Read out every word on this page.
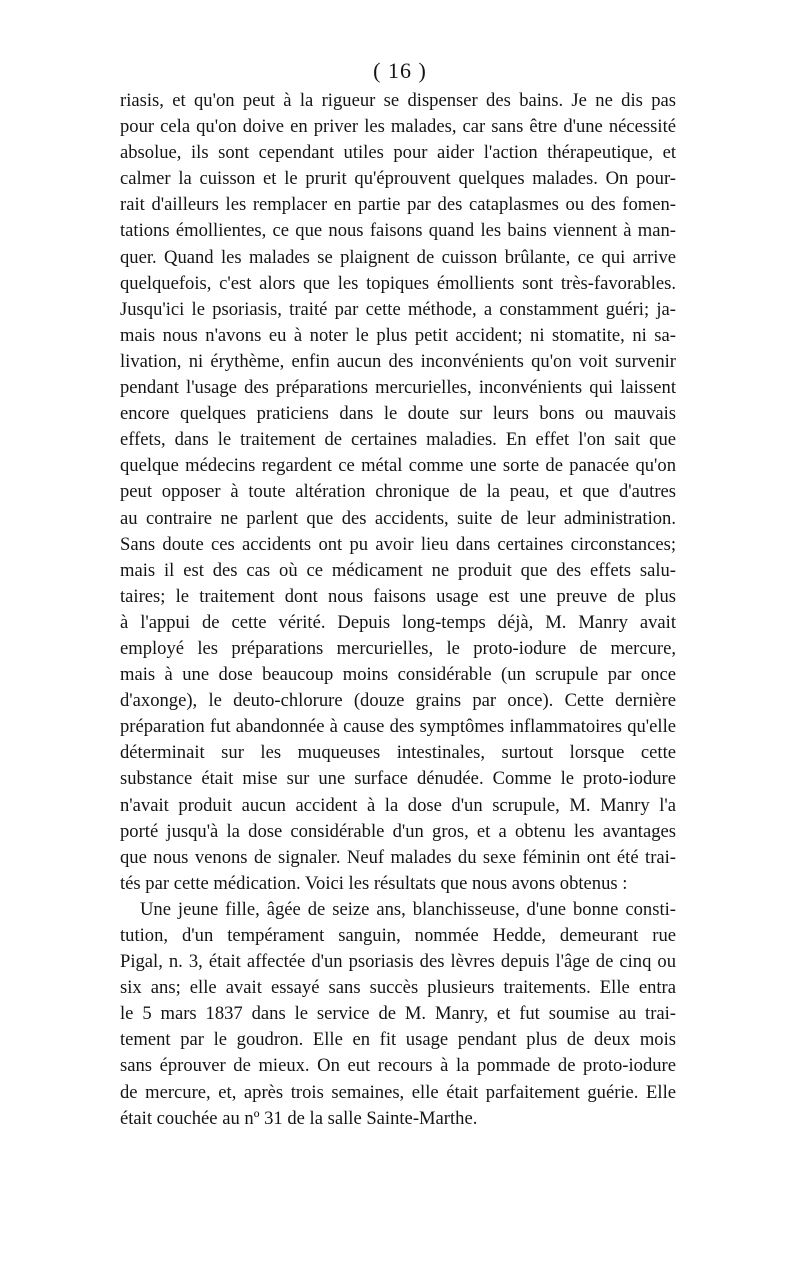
( 16 )
riasis, et qu'on peut à la rigueur se dispenser des bains. Je ne dis pas
pour cela qu'on doive en priver les malades, car sans être d'une nécessité
absolue, ils sont cependant utiles pour aider l'action thérapeutique, et
calmer la cuisson et le prurit qu'éprouvent quelques malades. On pour-
rait d'ailleurs les remplacer en partie par des cataplasmes ou des fomen-
tations émollientes, ce que nous faisons quand les bains viennent à man-
quer. Quand les malades se plaignent de cuisson brûlante, ce qui arrive
quelquefois, c'est alors que les topiques émollients sont très-favorables.
Jusqu'ici le psoriasis, traité par cette méthode, a constamment guéri; ja-
mais nous n'avons eu à noter le plus petit accident; ni stomatite, ni sa-
livation, ni érythème, enfin aucun des inconvénients qu'on voit survenir
pendant l'usage des préparations mercurielles, inconvénients qui laissent
encore quelques praticiens dans le doute sur leurs bons ou mauvais
effets, dans le traitement de certaines maladies. En effet l'on sait que
quelque médecins regardent ce métal comme une sorte de panacée qu'on
peut opposer à toute altération chronique de la peau, et que d'autres
au contraire ne parlent que des accidents, suite de leur administration.
Sans doute ces accidents ont pu avoir lieu dans certaines circonstances;
mais il est des cas où ce médicament ne produit que des effets salu-
taires; le traitement dont nous faisons usage est une preuve de plus
à l'appui de cette vérité. Depuis long-temps déjà, M. Manry avait
employé les préparations mercurielles, le proto-iodure de mercure,
mais à une dose beaucoup moins considérable (un scrupule par once
d'axonge), le deuto-chlorure (douze grains par once). Cette dernière
préparation fut abandonnée à cause des symptômes inflammatoires qu'elle
déterminait sur les muqueuses intestinales, surtout lorsque cette
substance était mise sur une surface dénudée. Comme le proto-iodure
n'avait produit aucun accident à la dose d'un scrupule, M. Manry l'a
porté jusqu'à la dose considérable d'un gros, et a obtenu les avantages
que nous venons de signaler. Neuf malades du sexe féminin ont été trai-
tés par cette médication. Voici les résultats que nous avons obtenus :
Une jeune fille, âgée de seize ans, blanchisseuse, d'une bonne consti-
tution, d'un tempérament sanguin, nommée Hedde, demeurant rue
Pigal, n. 3, était affectée d'un psoriasis des lèvres depuis l'âge de cinq ou
six ans; elle avait essayé sans succès plusieurs traitements. Elle entra
le 5 mars 1837 dans le service de M. Manry, et fut soumise au trai-
tement par le goudron. Elle en fit usage pendant plus de deux mois
sans éprouver de mieux. On eut recours à la pommade de proto-iodure
de mercure, et, après trois semaines, elle était parfaitement guérie. Elle
était couchée au nº 31 de la salle Sainte-Marthe.
